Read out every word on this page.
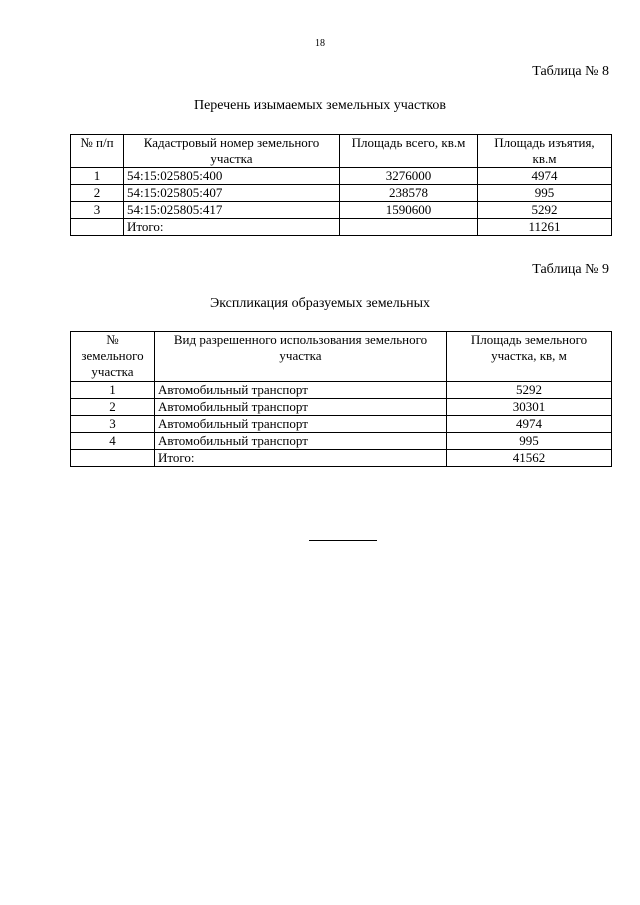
18
Таблица № 8
Перечень изымаемых земельных участков
№ п/п	Кадастровый номер земельного участка	Площадь всего, кв.м	Площадь изъятия, кв.м
1	54:15:025805:400	3276000	4974
2	54:15:025805:407	238578	995
3	54:15:025805:417	1590600	5292
	Итого:		11261
Таблица № 9
Экспликация образуемых земельных
№ земельного участка	Вид разрешенного использования земельного участка	Площадь земельного участка, кв, м
1	Автомобильный транспорт	5292
2	Автомобильный транспорт	30301
3	Автомобильный транспорт	4974
4	Автомобильный транспорт	995
	Итого:	41562
